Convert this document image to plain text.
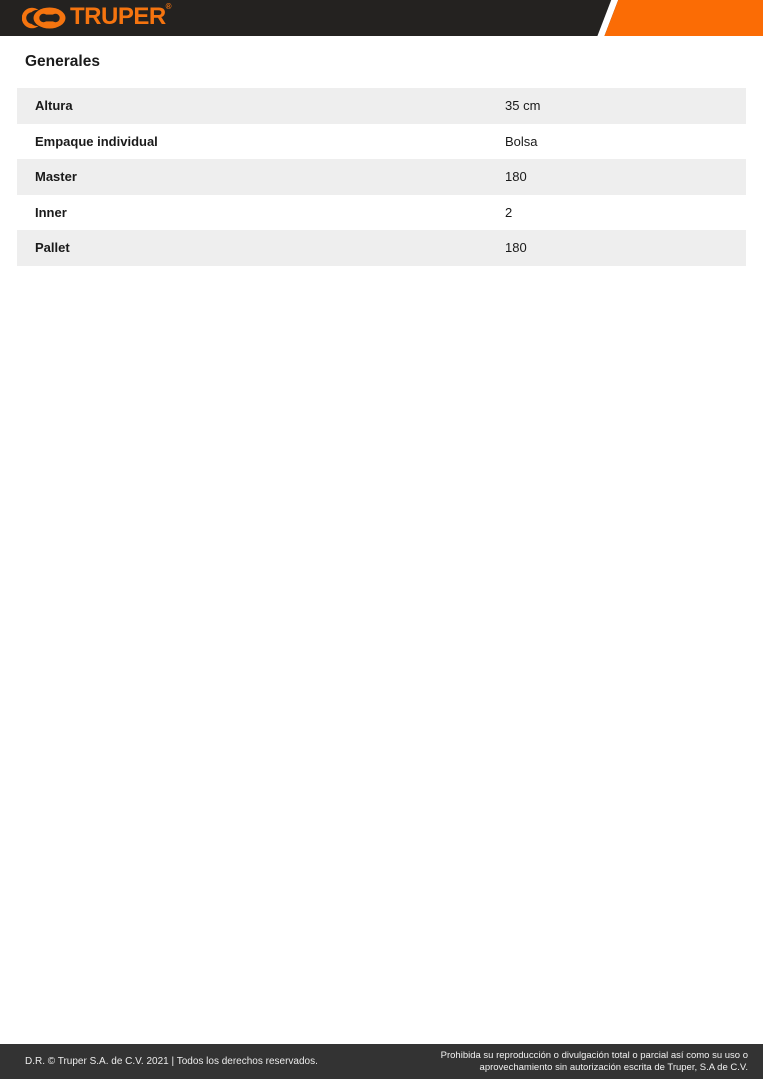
TRUPER®
Generales
Altura	35 cm
Empaque individual	Bolsa
Master	180
Inner	2
Pallet	180
D.R. © Truper S.A. de C.V. 2021 | Todos los derechos reservados.
Prohibida su reproducción o divulgación total o parcial así como su uso o
aprovechamiento sin autorización escrita de Truper, S.A de C.V.
